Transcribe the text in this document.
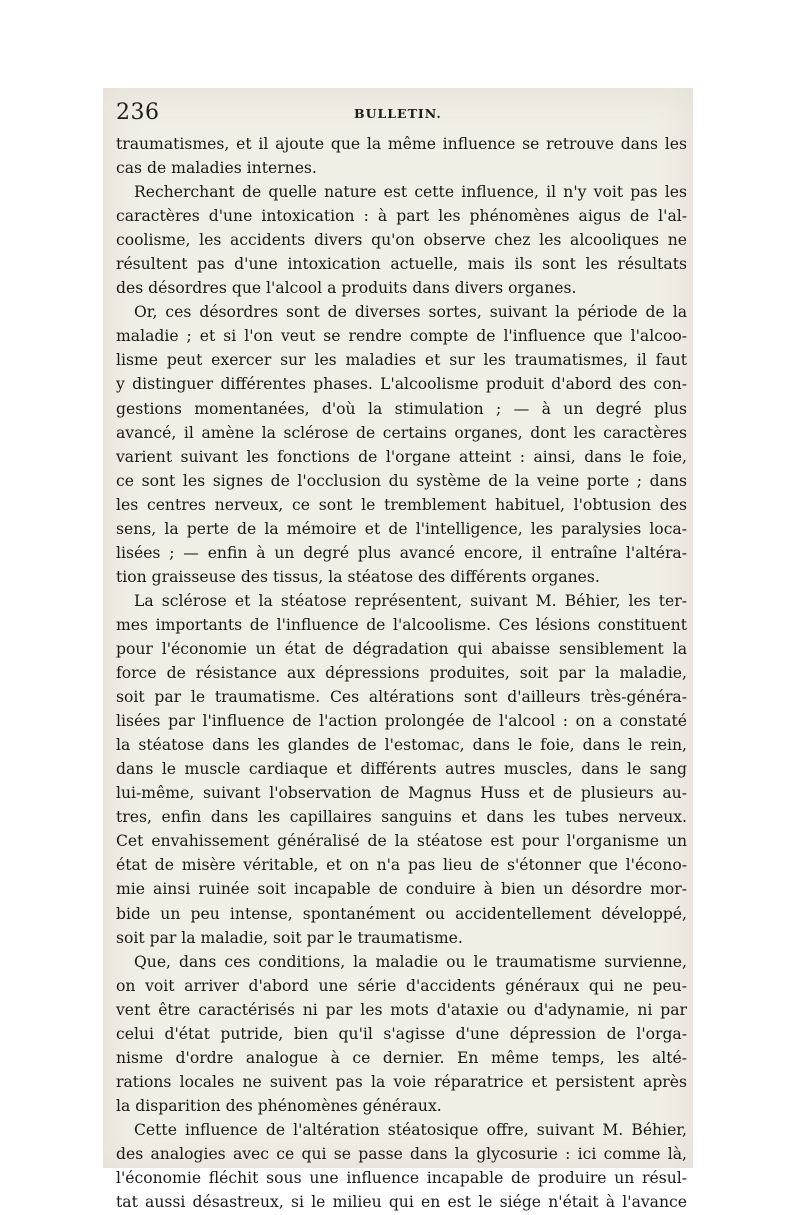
236	BULLETIN.
traumatismes, et il ajoute que la même influence se retrouve dans les
cas de maladies internes.
Recherchant de quelle nature est cette influence, il n'y voit pas les
caractères d'une intoxication : à part les phénomènes aigus de l'al-
coolisme, les accidents divers qu'on observe chez les alcooliques ne
résultent pas d'une intoxication actuelle, mais ils sont les résultats
des désordres que l'alcool a produits dans divers organes.
Or, ces désordres sont de diverses sortes, suivant la période de la
maladie ; et si l'on veut se rendre compte de l'influence que l'alcoo-
lisme peut exercer sur les maladies et sur les traumatismes, il faut
y distinguer différentes phases. L'alcoolisme produit d'abord des con-
gestions momentanées, d'où la stimulation ; — à un degré plus
avancé, il amène la sclérose de certains organes, dont les caractères
varient suivant les fonctions de l'organe atteint : ainsi, dans le foie,
ce sont les signes de l'occlusion du système de la veine porte ; dans
les centres nerveux, ce sont le tremblement habituel, l'obtusion des
sens, la perte de la mémoire et de l'intelligence, les paralysies loca-
lisées ; — enfin à un degré plus avancé encore, il entraîne l'altéra-
tion graisseuse des tissus, la stéatose des différents organes.
La sclérose et la stéatose représentent, suivant M. Béhier, les ter-
mes importants de l'influence de l'alcoolisme. Ces lésions constituent
pour l'économie un état de dégradation qui abaisse sensiblement la
force de résistance aux dépressions produites, soit par la maladie,
soit par le traumatisme. Ces altérations sont d'ailleurs très-généra-
lisées par l'influence de l'action prolongée de l'alcool : on a constaté
la stéatose dans les glandes de l'estomac, dans le foie, dans le rein,
dans le muscle cardiaque et différents autres muscles, dans le sang
lui-même, suivant l'observation de Magnus Huss et de plusieurs au-
tres, enfin dans les capillaires sanguins et dans les tubes nerveux.
Cet envahissement généralisé de la stéatose est pour l'organisme un
état de misère véritable, et on n'a pas lieu de s'étonner que l'écono-
mie ainsi ruinée soit incapable de conduire à bien un désordre mor-
bide un peu intense, spontanément ou accidentellement développé,
soit par la maladie, soit par le traumatisme.
Que, dans ces conditions, la maladie ou le traumatisme survienne,
on voit arriver d'abord une série d'accidents généraux qui ne peu-
vent être caractérisés ni par les mots d'ataxie ou d'adynamie, ni par
celui d'état putride, bien qu'il s'agisse d'une dépression de l'orga-
nisme d'ordre analogue à ce dernier. En même temps, les alté-
rations locales ne suivent pas la voie réparatrice et persistent après
la disparition des phénomènes généraux.
Cette influence de l'altération stéatosique offre, suivant M. Béhier,
des analogies avec ce qui se passe dans la glycosurie : ici comme là,
l'économie fléchit sous une influence incapable de produire un résul-
tat aussi désastreux, si le milieu qui en est le siége n'était à l'avance
